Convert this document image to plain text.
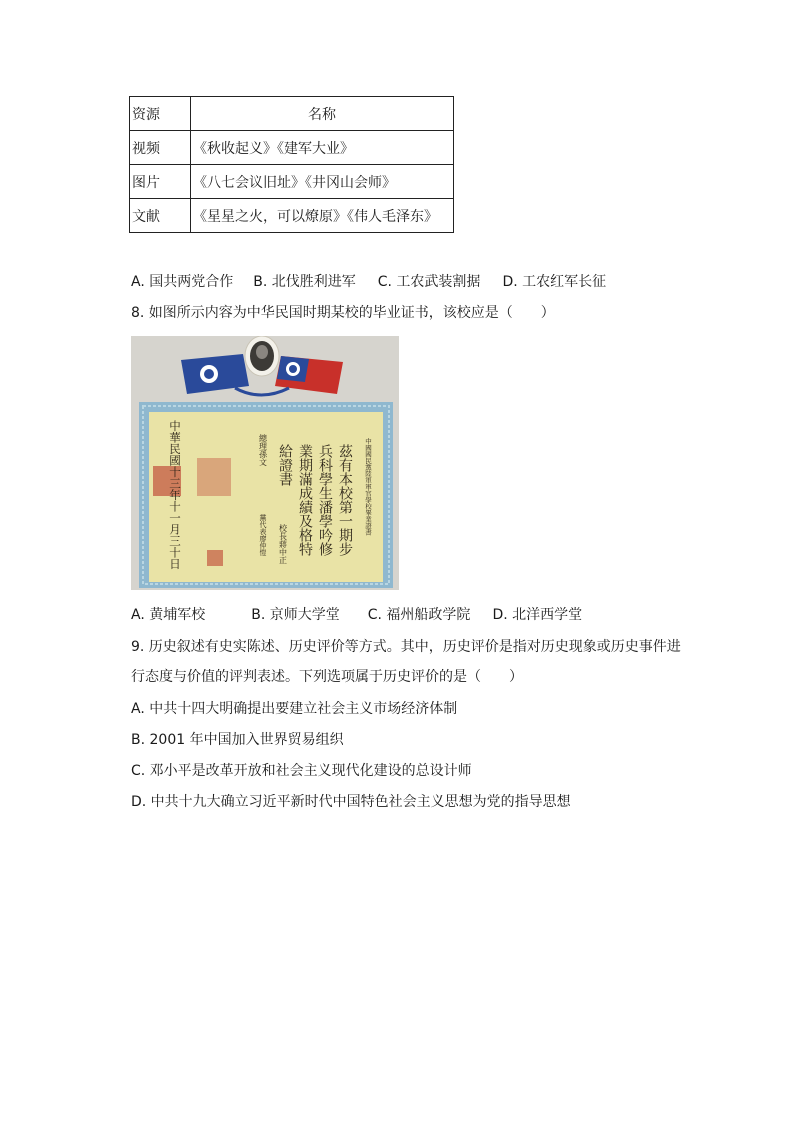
资源	名称
视频	《秋收起义》《建军大业》
图片	《八七会议旧址》《井冈山会师》
文献	《星星之火，可以燎原》《伟人毛泽东》
A. 国共两党合作 B. 北伐胜利进军 C. 工农武装割据 D. 工农红军长征
8. 如图所示内容为中华民国时期某校的毕业证书，该校应是（　　）
中國國民黨陸軍軍官學校畢業證書
茲有本校第一期步
兵科學生潘學吟修
業期滿成績及格特
給證書
總理孫文
校長蔣中正
黨代表廖仲愷
中華民國十三年十一月三十日
A. 黄埔军校	B. 京师大学堂 C. 福州船政学院 D. 北洋西学堂
9. 历史叙述有史实陈述、历史评价等方式。其中，历史评价是指对历史现象或历史事件进
行态度与价值的评判表述。下列选项属于历史评价的是（　　）
A. 中共十四大明确提出要建立社会主义市场经济体制
B. 2001 年中国加入世界贸易组织
C. 邓小平是改革开放和社会主义现代化建设的总设计师
D. 中共十九大确立习近平新时代中国特色社会主义思想为党的指导思想
